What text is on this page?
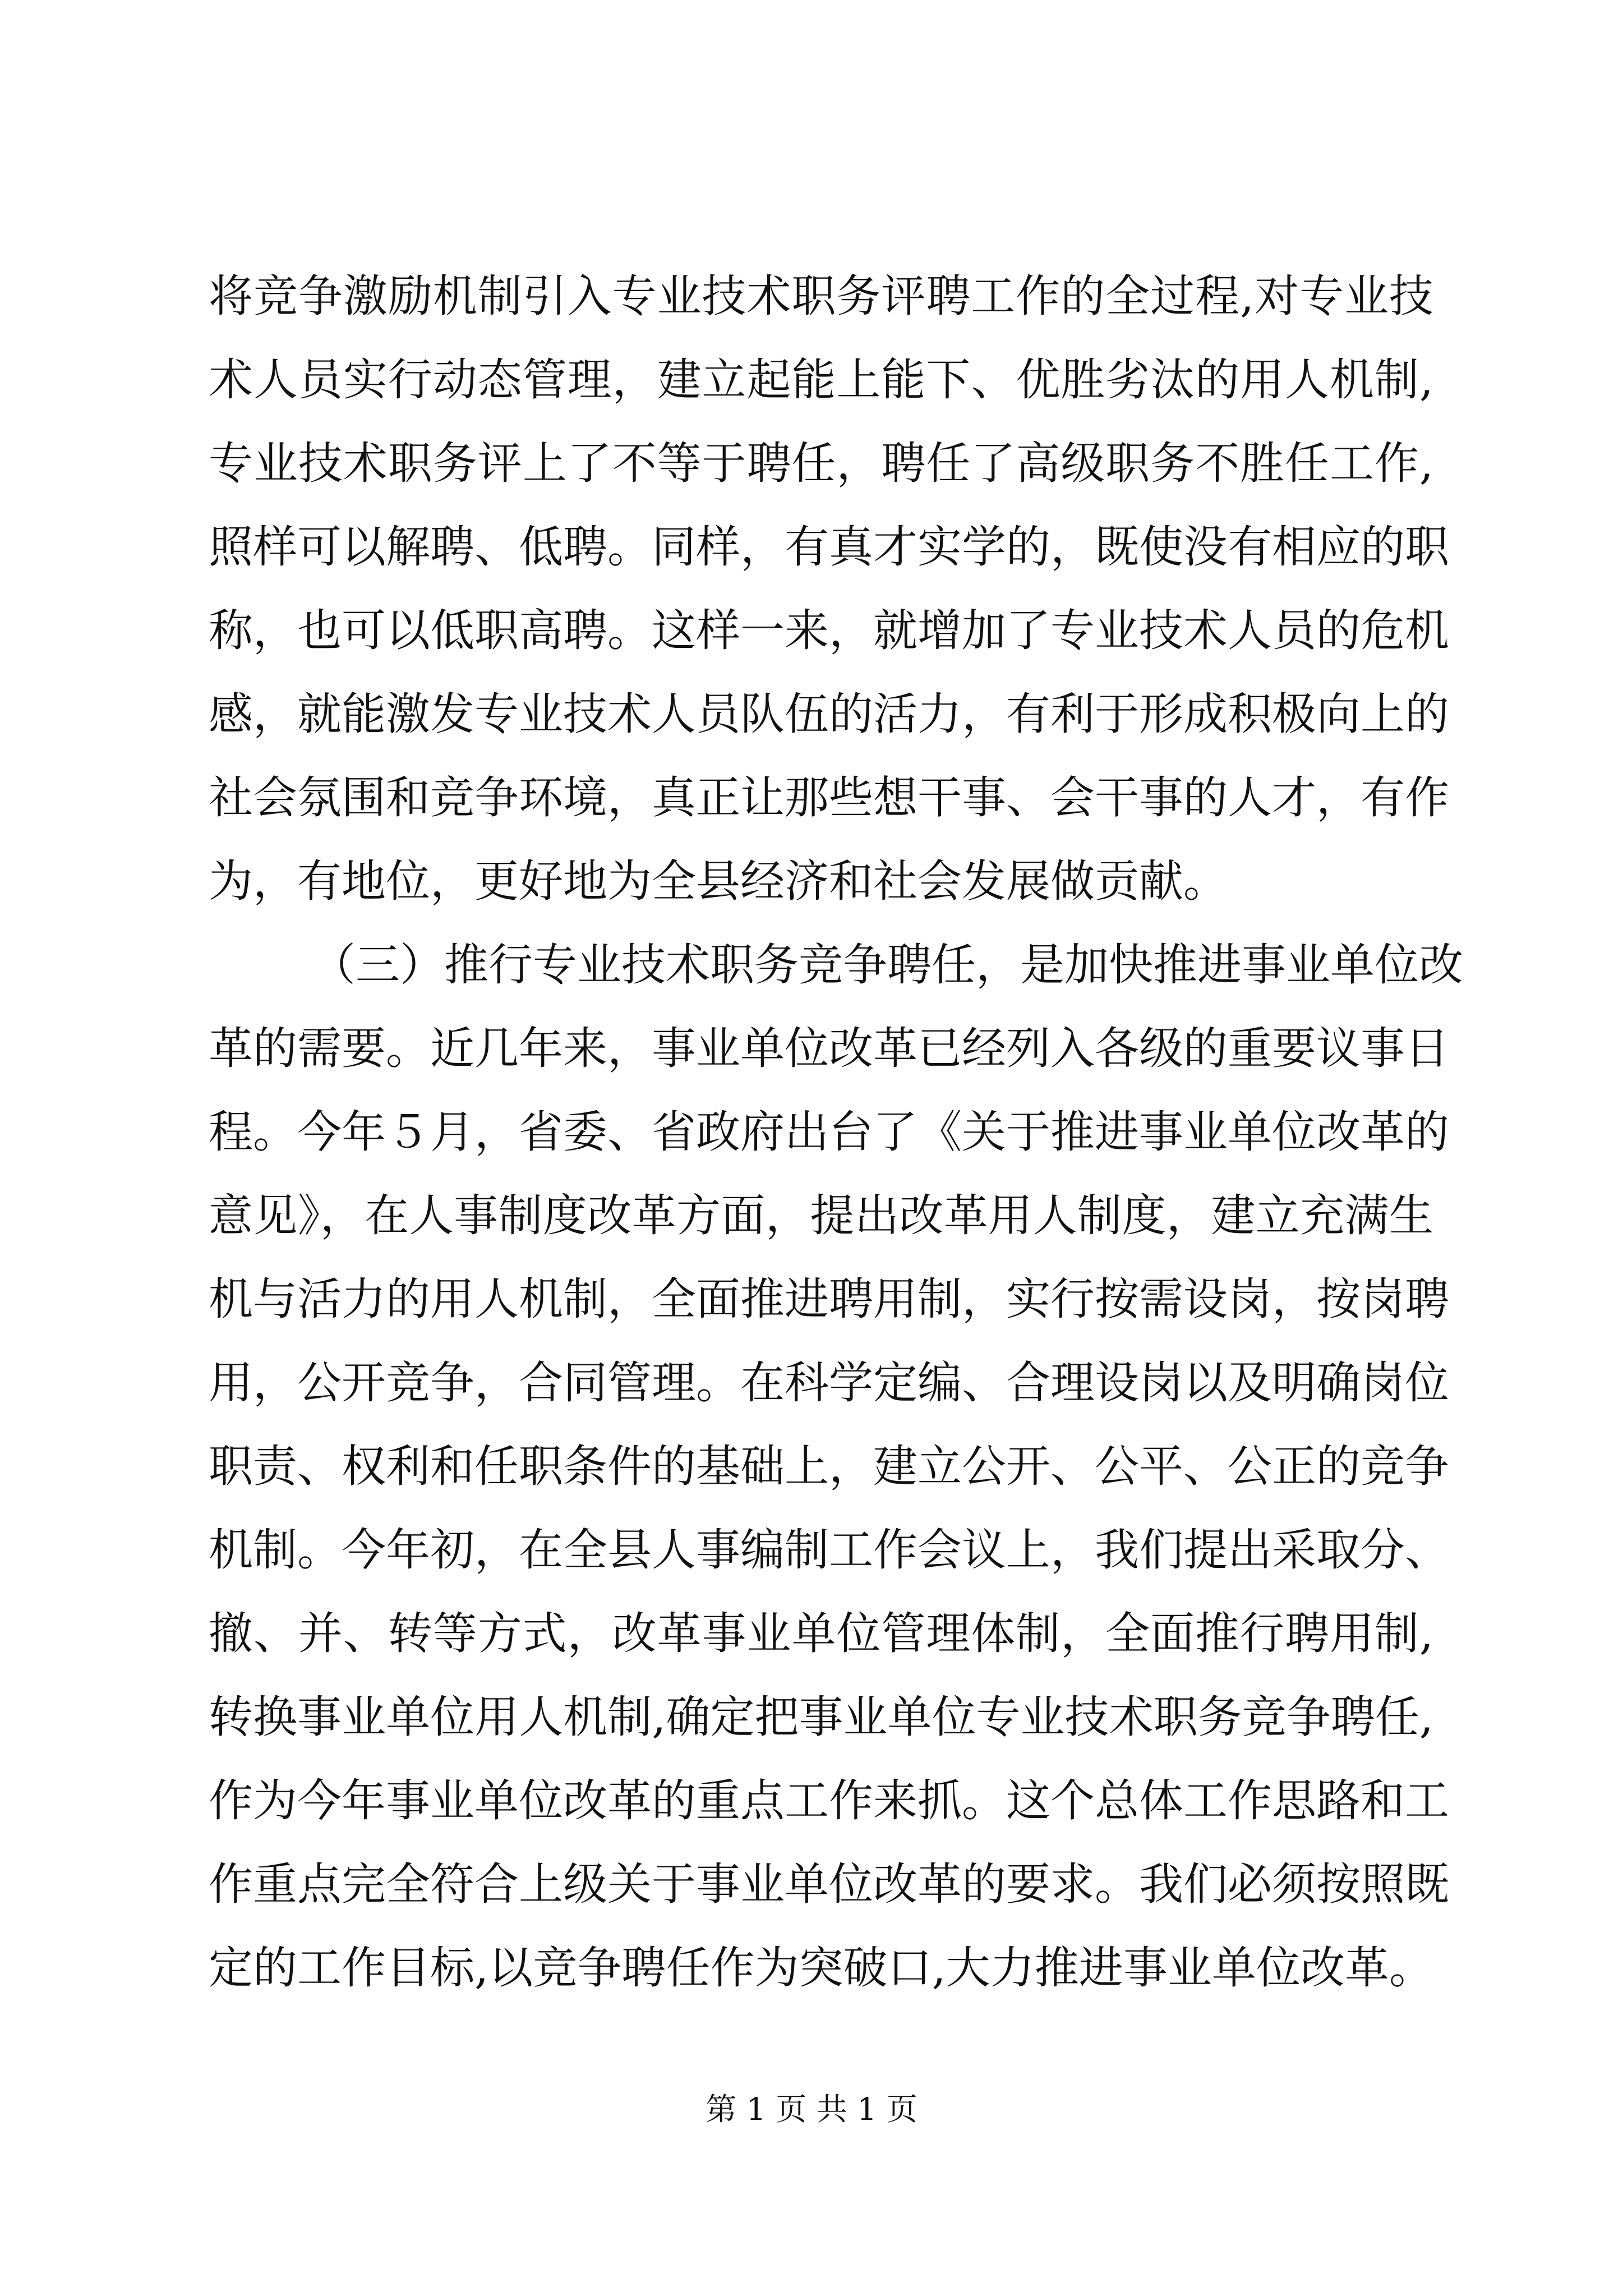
将竞争激励机制引入专业技术职务评聘工作的全过程,对专业技
术人员实行动态管理，建立起能上能下、优胜劣汰的用人机制,
专业技术职务评上了不等于聘任，聘任了高级职务不胜任工作,
照样可以解聘、低聘。同样，有真才实学的，既使没有相应的职
称，也可以低职高聘。这样一来，就增加了专业技术人员的危机
感，就能激发专业技术人员队伍的活力，有利于形成积极向上的
社会氛围和竞争环境，真正让那些想干事、会干事的人才，有作
为，有地位，更好地为全县经济和社会发展做贡献。
（三）推行专业技术职务竞争聘任，是加快推进事业单位改
革的需要。近几年来，事业单位改革已经列入各级的重要议事日
程。今年５月，省委、省政府出台了《关于推进事业单位改革的
意见》，在人事制度改革方面，提出改革用人制度，建立充满生
机与活力的用人机制，全面推进聘用制，实行按需设岗，按岗聘
用，公开竞争，合同管理。在科学定编、合理设岗以及明确岗位
职责、权利和任职条件的基础上，建立公开、公平、公正的竞争
机制。今年初，在全县人事编制工作会议上，我们提出采取分、
撤、并、转等方式，改革事业单位管理体制，全面推行聘用制,
转换事业单位用人机制,确定把事业单位专业技术职务竞争聘任,
作为今年事业单位改革的重点工作来抓。这个总体工作思路和工
作重点完全符合上级关于事业单位改革的要求。我们必须按照既
定的工作目标,以竞争聘任作为突破口,大力推进事业单位改革。
第 1 页 共 1 页
